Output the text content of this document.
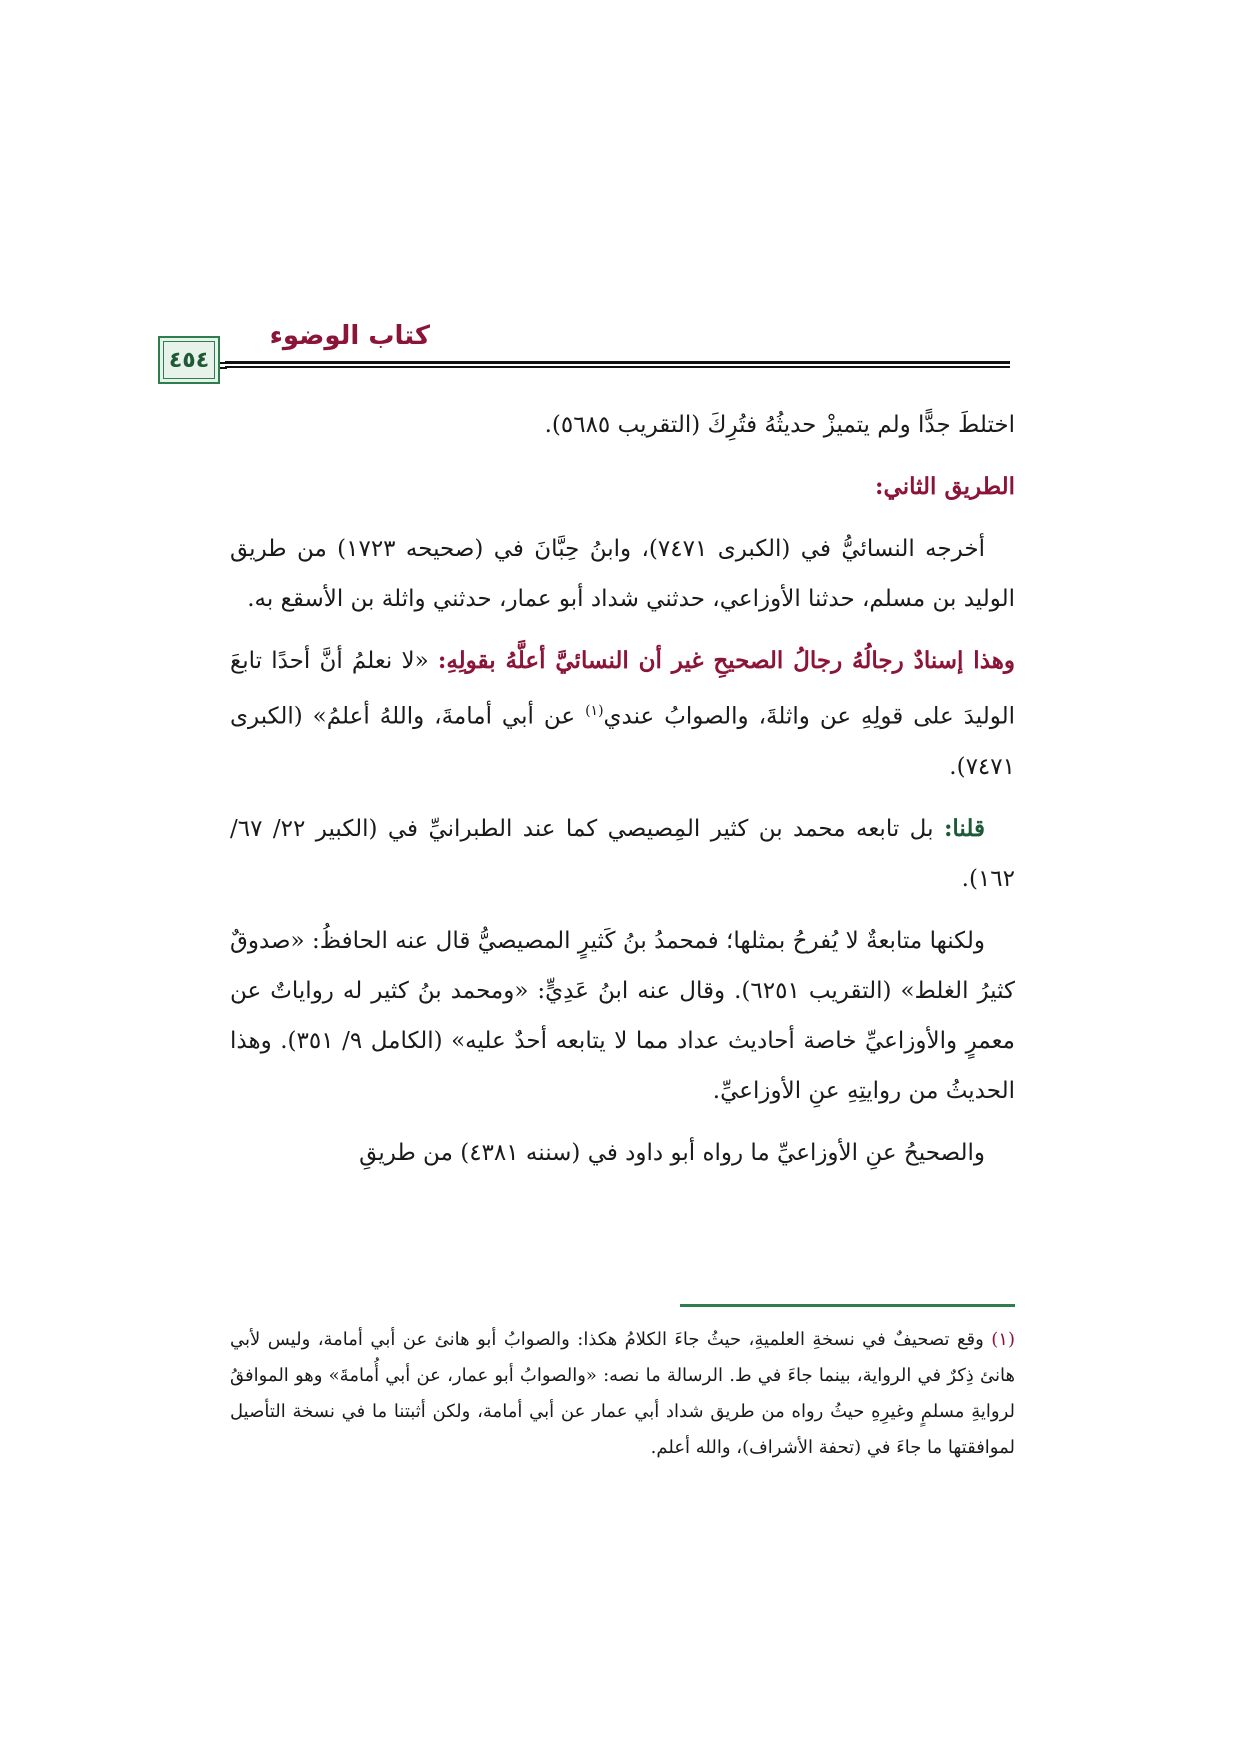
كتاب الوضوء
٤٥٤

اختلطَ جدًّا ولم يتميزْ حديثُهُ فتُرِكَ (التقريب ٥٦٨٥).

الطريق الثاني:

أخرجه النسائيُّ في (الكبرى ٧٤٧١)، وابنُ حِبَّانَ في (صحيحه ١٧٢٣) من طريق الوليد بن مسلم، حدثنا الأوزاعي، حدثني شداد أبو عمار، حدثني واثلة بن الأسقع به.

وهذا إسنادٌ رجالُهُ رجالُ الصحيحِ غير أن النسائيَّ أعلَّهُ بقولِهِ: «لا نعلمُ أنَّ أحدًا تابعَ الوليدَ على قولِهِ عن واثلةَ، والصوابُ عندي$^{(١)}$ عن أبي أمامةَ، واللهُ أعلمُ» (الكبرى ٧٤٧١).

قلنا: بل تابعه محمد بن كثير المِصيصي كما عند الطبرانيِّ في (الكبير ٢٢/ ٦٧/ ١٦٢).

ولكنها متابعةٌ لا يُفرحُ بمثلها؛ فمحمدُ بنُ كَثيرٍ المصيصيُّ قال عنه الحافظُ: «صدوقٌ كثيرُ الغلط» (التقريب ٦٢٥١). وقال عنه ابنُ عَدِيٍّ: «ومحمد بنُ كثير له رواياتٌ عن معمرٍ والأوزاعيِّ خاصة أحاديث عداد مما لا يتابعه أحدٌ عليه» (الكامل ٩/ ٣٥١). وهذا الحديثُ من روايتِهِ عنِ الأوزاعيِّ.

والصحيحُ عنِ الأوزاعيِّ ما رواه أبو داود في (سننه ٤٣٨١) من طريقِ

(١) وقع تصحيفٌ في نسخةِ العلميةِ، حيثُ جاءَ الكلامُ هكذا: والصوابُ أبو هانئ عن أبي أمامة، وليس لأبي هانئ ذِكرٌ في الرواية، بينما جاءَ في ط. الرسالة ما نصه: «والصوابُ أبو عمار، عن أبي أُمامةَ» وهو الموافقُ لروايةِ مسلمٍ وغيرِهِ حيثُ رواه من طريق شداد أبي عمار عن أبي أمامة، ولكن أثبتنا ما في نسخة التأصيل لموافقتها ما جاءَ في (تحفة الأشراف)، والله أعلم.
